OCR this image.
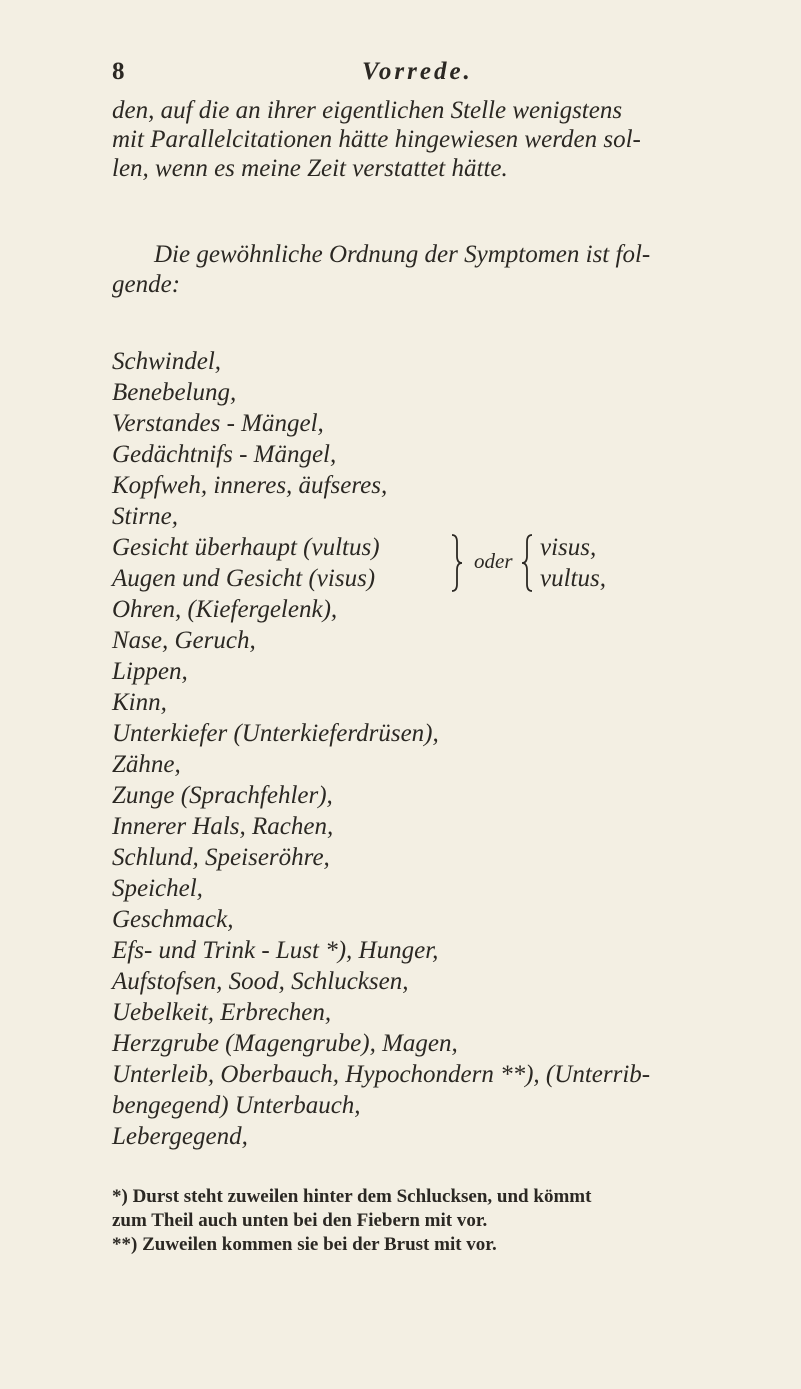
8	Vorrede.
den, auf die an ihrer eigentlichen Stelle wenigstens
mit Parallelcitationen hätte hingewiesen werden sol-
len, wenn es meine Zeit verstattet hätte.
Die gewöhnliche Ordnung der Symptomen ist fol-
gende:
Schwindel,
Benebelung,
Verstandes - Mängel,
Gedächtnifs - Mängel,
Kopfweh, inneres, äufseres,
Stirne,
Gesicht überhaupt (vultus)
Augen und Gesicht (visus)
oder visus,
vultus,
Ohren, (Kiefergelenk),
Nase, Geruch,
Lippen,
Kinn,
Unterkiefer (Unterkieferdrüsen),
Zähne,
Zunge (Sprachfehler),
Innerer Hals, Rachen,
Schlund, Speiseröhre,
Speichel,
Geschmack,
Efs- und Trink - Lust *), Hunger,
Aufstofsen, Sood, Schlucksen,
Uebelkeit, Erbrechen,
Herzgrube (Magengrube), Magen,
Unterleib, Oberbauch, Hypochondern **), (Unterrib-
bengegend) Unterbauch,
Lebergegend,
*) Durst steht zuweilen hinter dem Schlucksen, und kömmt
zum Theil auch unten bei den Fiebern mit vor.
**) Zuweilen kommen sie bei der Brust mit vor.
